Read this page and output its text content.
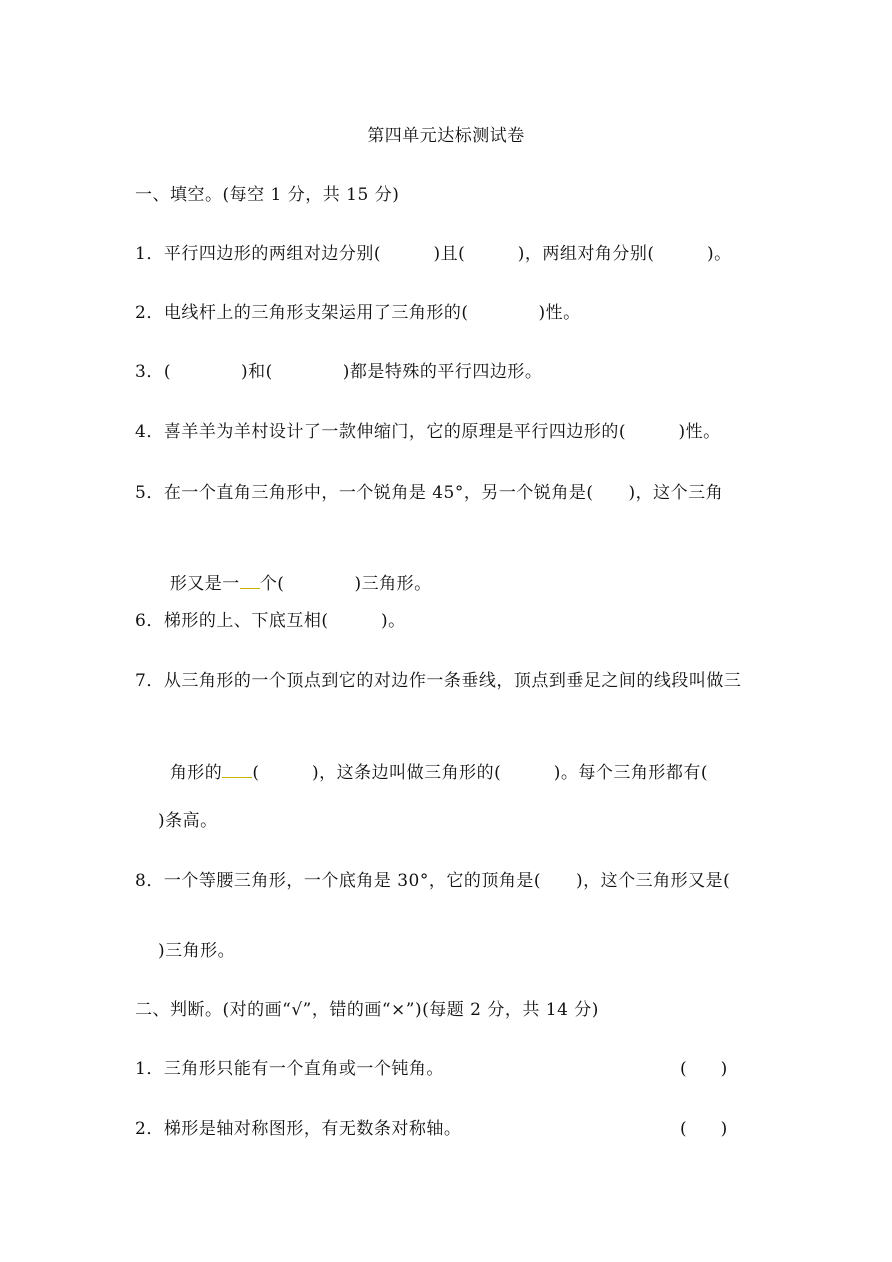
第四单元达标测试卷
一、填空。(每空 1 分，共 15 分)
1．平行四边形的两组对边分别(　　　)且(　　　)，两组对角分别(　　　)。
2．电线杆上的三角形支架运用了三角形的(　　　　)性。
3．(　　　　)和(　　　　)都是特殊的平行四边形。
4．喜羊羊为羊村设计了一款伸缩门，它的原理是平行四边形的(　　　)性。
5．在一个直角三角形中，一个锐角是 45°，另一个锐角是(　　)，这个三角

形又是一 个(　　　　)三角形。

6．梯形的上、下底互相(　　　)。
7．从三角形的一个顶点到它的对边作一条垂线，顶点到垂足之间的线段叫做三

角形的 (　　　)，这条边叫做三角形的(　　　)。每个三角形都有(

)条高。
8．一个等腰三角形，一个底角是 30°，它的顶角是(　　)，这个三角形又是(
)三角形。
二、判断。(对的画“√”，错的画“×”)(每题 2 分，共 14 分)
1．三角形只能有一个直角或一个钝角。	(　　)
2．梯形是轴对称图形，有无数条对称轴。	(　　)
